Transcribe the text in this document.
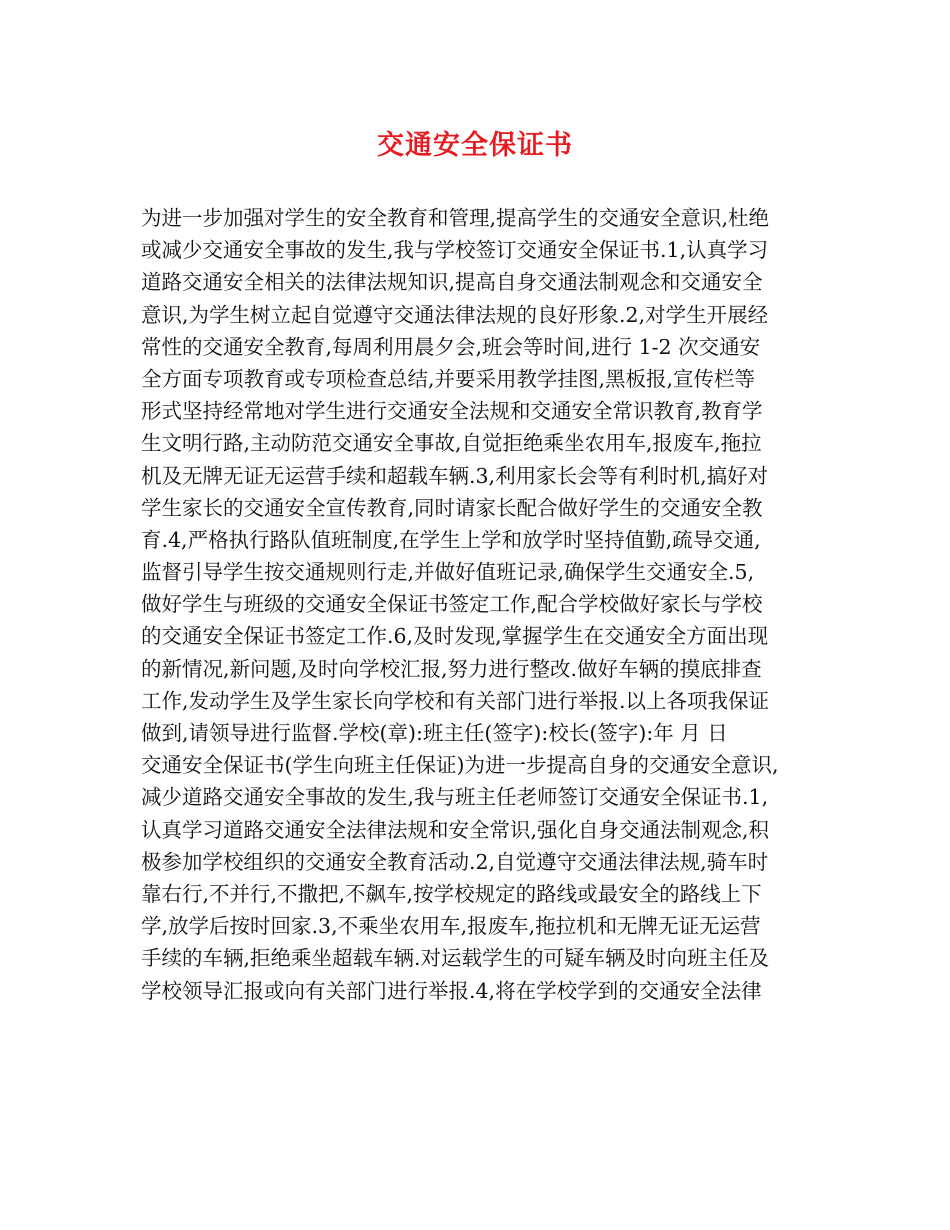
交通安全保证书
为进一步加强对学生的安全教育和管理,提高学生的交通安全意识,杜绝
或减少交通安全事故的发生,我与学校签订交通安全保证书.1,认真学习
道路交通安全相关的法律法规知识,提高自身交通法制观念和交通安全
意识,为学生树立起自觉遵守交通法律法规的良好形象.2,对学生开展经
常性的交通安全教育,每周利用晨夕会,班会等时间,进行 1-2 次交通安
全方面专项教育或专项检查总结,并要采用教学挂图,黑板报,宣传栏等
形式坚持经常地对学生进行交通安全法规和交通安全常识教育,教育学
生文明行路,主动防范交通安全事故,自觉拒绝乘坐农用车,报废车,拖拉
机及无牌无证无运营手续和超载车辆.3,利用家长会等有利时机,搞好对
学生家长的交通安全宣传教育,同时请家长配合做好学生的交通安全教
育.4,严格执行路队值班制度,在学生上学和放学时坚持值勤,疏导交通,
监督引导学生按交通规则行走,并做好值班记录,确保学生交通安全.5,
做好学生与班级的交通安全保证书签定工作,配合学校做好家长与学校
的交通安全保证书签定工作.6,及时发现,掌握学生在交通安全方面出现
的新情况,新问题,及时向学校汇报,努力进行整改.做好车辆的摸底排查
工作,发动学生及学生家长向学校和有关部门进行举报.以上各项我保证
做到,请领导进行监督.学校(章):班主任(签字):校长(签字):年 月 日
交通安全保证书(学生向班主任保证)为进一步提高自身的交通安全意识,
减少道路交通安全事故的发生,我与班主任老师签订交通安全保证书.1,
认真学习道路交通安全法律法规和安全常识,强化自身交通法制观念,积
极参加学校组织的交通安全教育活动.2,自觉遵守交通法律法规,骑车时
靠右行,不并行,不撒把,不飙车,按学校规定的路线或最安全的路线上下
学,放学后按时回家.3,不乘坐农用车,报废车,拖拉机和无牌无证无运营
手续的车辆,拒绝乘坐超载车辆.对运载学生的可疑车辆及时向班主任及
学校领导汇报或向有关部门进行举报.4,将在学校学到的交通安全法律
